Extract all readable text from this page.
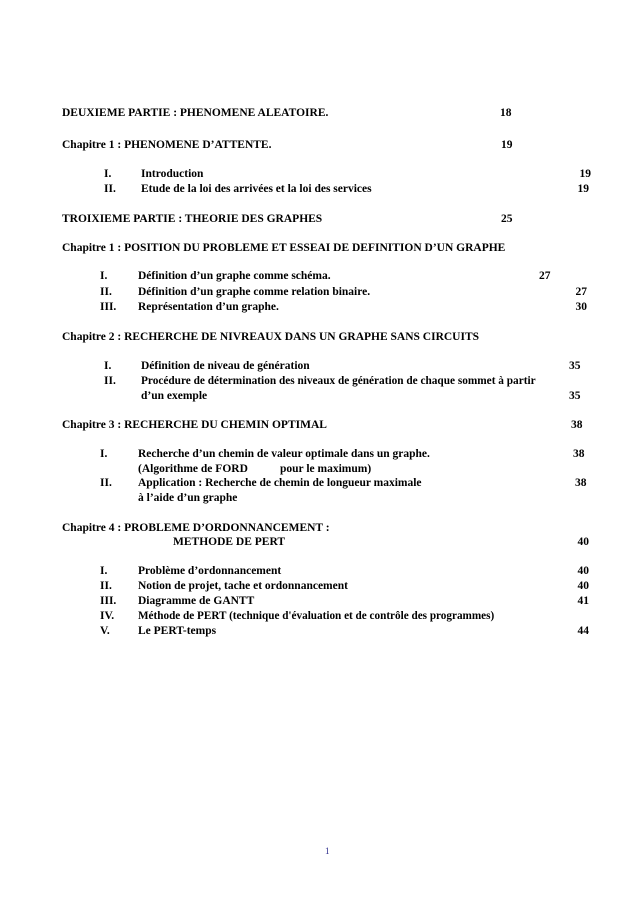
DEUXIEME PARTIE : PHENOMENE ALEATOIRE.	18
Chapitre 1 : PHENOMENE D’ATTENTE.	19
I.	Introduction	19
II. Etude de la loi des arrivées et la loi des services	19
TROIXIEME PARTIE : THEORIE DES GRAPHES	25
Chapitre 1 : POSITION DU PROBLEME ET ESSEAI DE DEFINITION D’UN GRAPHE
I.	Définition d’un graphe comme schéma.	27
II. Définition d’un graphe comme relation binaire.	27
III. Représentation d’un graphe.	30
Chapitre 2 : RECHERCHE DE NIVREAUX DANS UN GRAPHE SANS CIRCUITS
I.	Définition de niveau de génération	35
II. Procédure de détermination des niveaux de génération de chaque sommet à partir
d’un exemple	35
Chapitre 3 : RECHERCHE DU CHEMIN OPTIMAL	38
I.	Recherche d’un chemin de valeur optimale dans un graphe.	38
(Algorithme de FORD	pour le maximum)
II. Application : Recherche de chemin de longueur maximale	38
à l’aide d’un graphe
Chapitre 4 : PROBLEME D’ORDONNANCEMENT :
METHODE DE PERT	40
I.	Problème d’ordonnancement	40
II. Notion de projet, tache et ordonnancement	40
III. Diagramme de GANTT	41
IV. Méthode de PERT (technique d'évaluation et de contrôle des programmes)
V. Le PERT-temps	44
1
